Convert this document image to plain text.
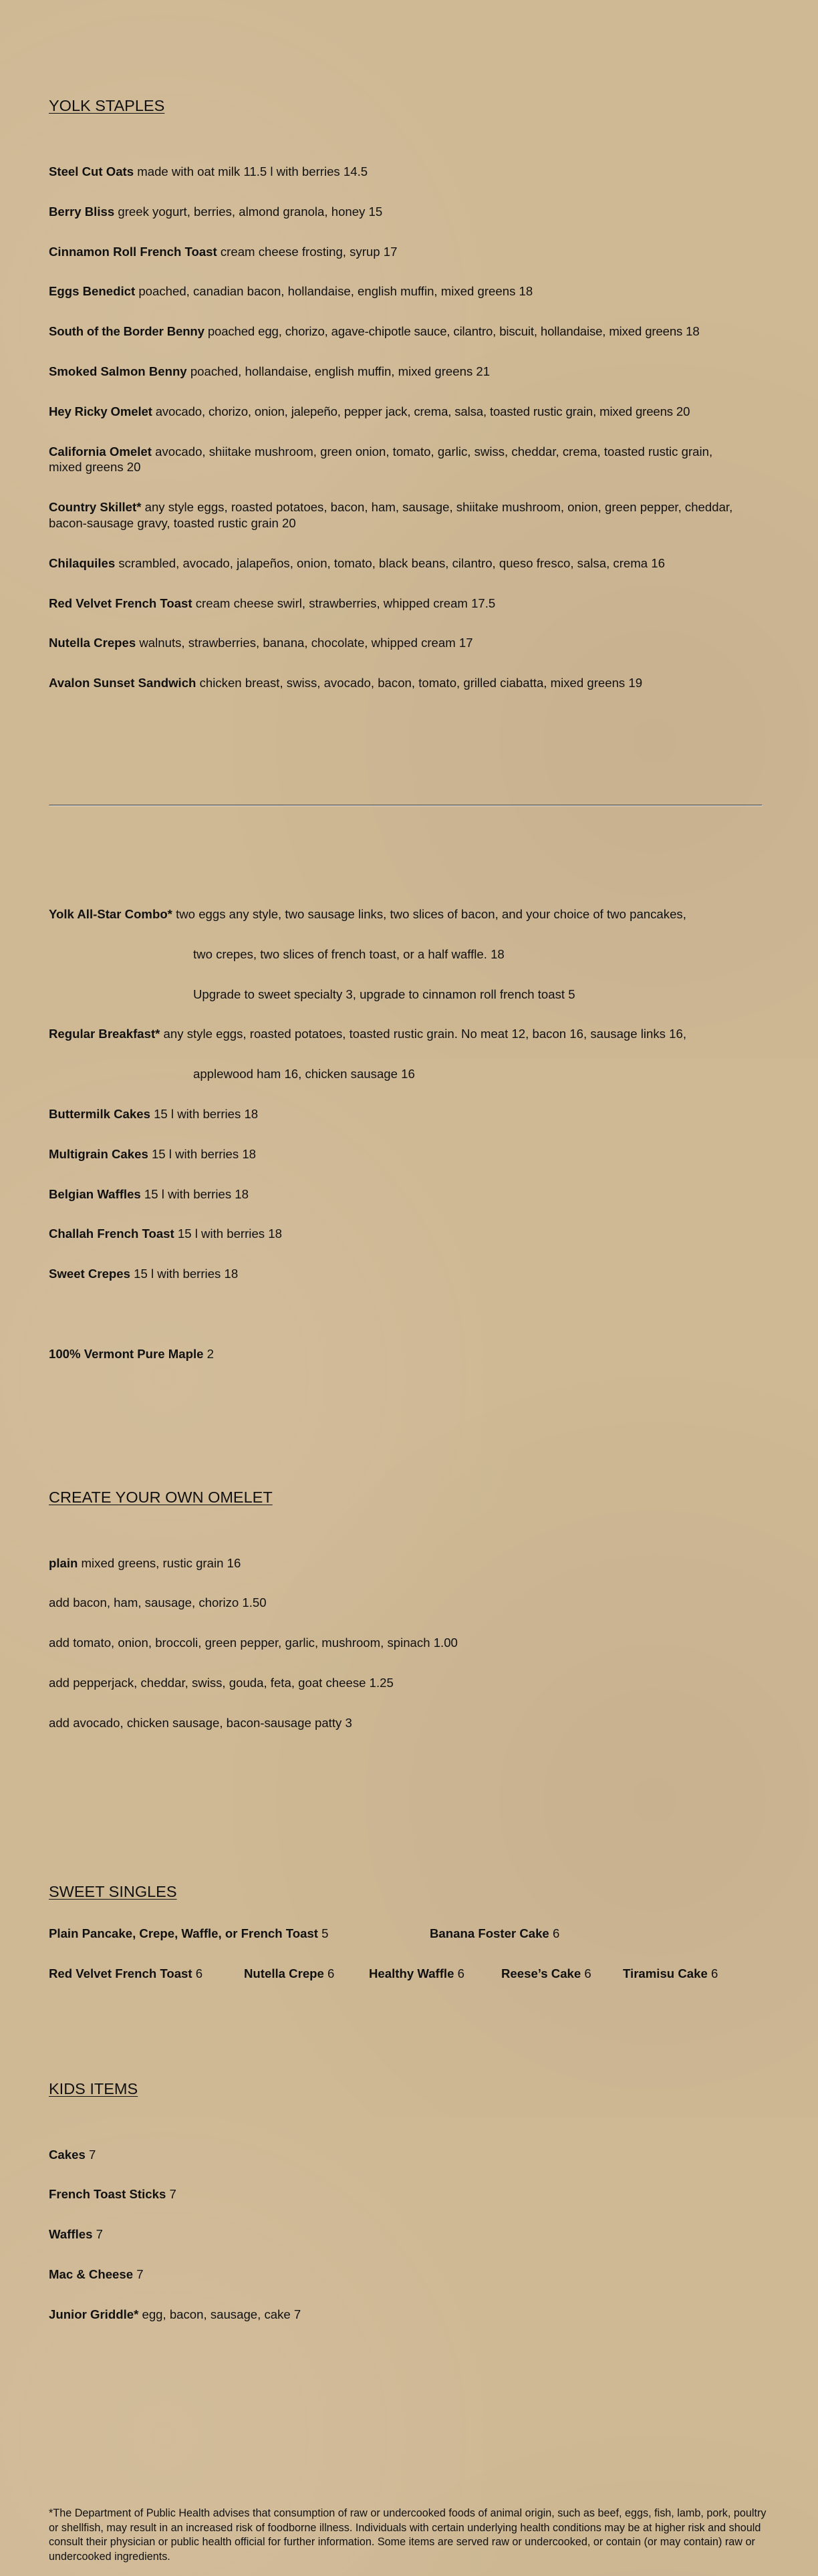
YOLK STAPLES

Steel Cut Oats made with oat milk 11.5 l with berries 14.5

Berry Bliss greek yogurt, berries, almond granola, honey 15

Cinnamon Roll French Toast cream cheese frosting, syrup 17

Eggs Benedict poached, canadian bacon, hollandaise, english muffin, mixed greens 18

South of the Border Benny poached egg, chorizo, agave-chipotle sauce, cilantro, biscuit, hollandaise, mixed greens 18

Smoked Salmon Benny poached, hollandaise, english muffin, mixed greens 21

Hey Ricky Omelet avocado, chorizo, onion, jalepeño, pepper jack, crema, salsa, toasted rustic grain, mixed greens 20

California Omelet avocado, shiitake mushroom, green onion, tomato, garlic, swiss, cheddar, crema, toasted rustic grain, mixed greens 20

Country Skillet* any style eggs, roasted potatoes, bacon, ham, sausage, shiitake mushroom, onion, green pepper, cheddar, bacon-sausage gravy, toasted rustic grain 20

Chilaquiles scrambled, avocado, jalapeños, onion, tomato, black beans, cilantro, queso fresco, salsa, crema 16

Red Velvet French Toast cream cheese swirl, strawberries, whipped cream 17.5

Nutella Crepes walnuts, strawberries, banana, chocolate, whipped cream 17

Avalon Sunset Sandwich chicken breast, swiss, avocado, bacon, tomato, grilled ciabatta, mixed greens 19

Yolk All-Star Combo* two eggs any style, two sausage links, two slices of bacon, and your choice of two pancakes,

two crepes, two slices of french toast, or a half waffle. 18

Upgrade to sweet specialty 3, upgrade to cinnamon roll french toast 5

Regular Breakfast* any style eggs, roasted potatoes, toasted rustic grain. No meat 12, bacon 16, sausage links 16,

applewood ham 16, chicken sausage 16

Buttermilk Cakes 15 l with berries 18

Multigrain Cakes 15 l with berries 18

Belgian Waffles 15 l with berries 18

Challah French Toast 15 l with berries 18

Sweet Crepes 15 l with berries 18

100% Vermont Pure Maple 2

CREATE YOUR OWN OMELET

plain mixed greens, rustic grain 16

add bacon, ham, sausage, chorizo 1.50

add tomato, onion, broccoli, green pepper, garlic, mushroom, spinach 1.00

add pepperjack, cheddar, swiss, gouda, feta, goat cheese 1.25

add avocado, chicken sausage, bacon-sausage patty 3

SWEET SINGLES

Plain Pancake, Crepe, Waffle, or French Toast 5	Banana Foster Cake 6

Red Velvet French Toast 6	Nutella Crepe 6	Healthy Waffle 6	Reese’s Cake 6	Tiramisu Cake 6

KIDS ITEMS

Cakes 7

French Toast Sticks 7

Waffles 7

Mac & Cheese 7

Junior Griddle* egg, bacon, sausage, cake 7

*The Department of Public Health advises that consumption of raw or undercooked foods of animal origin, such as beef, eggs, fish, lamb, pork, poultry or shellfish, may result in an increased risk of foodborne illness. Individuals with certain underlying health conditions may be at higher risk and should consult their physician or public health official for further information. Some items are served raw or undercooked, or contain (or may contain) raw or undercooked ingredients.
